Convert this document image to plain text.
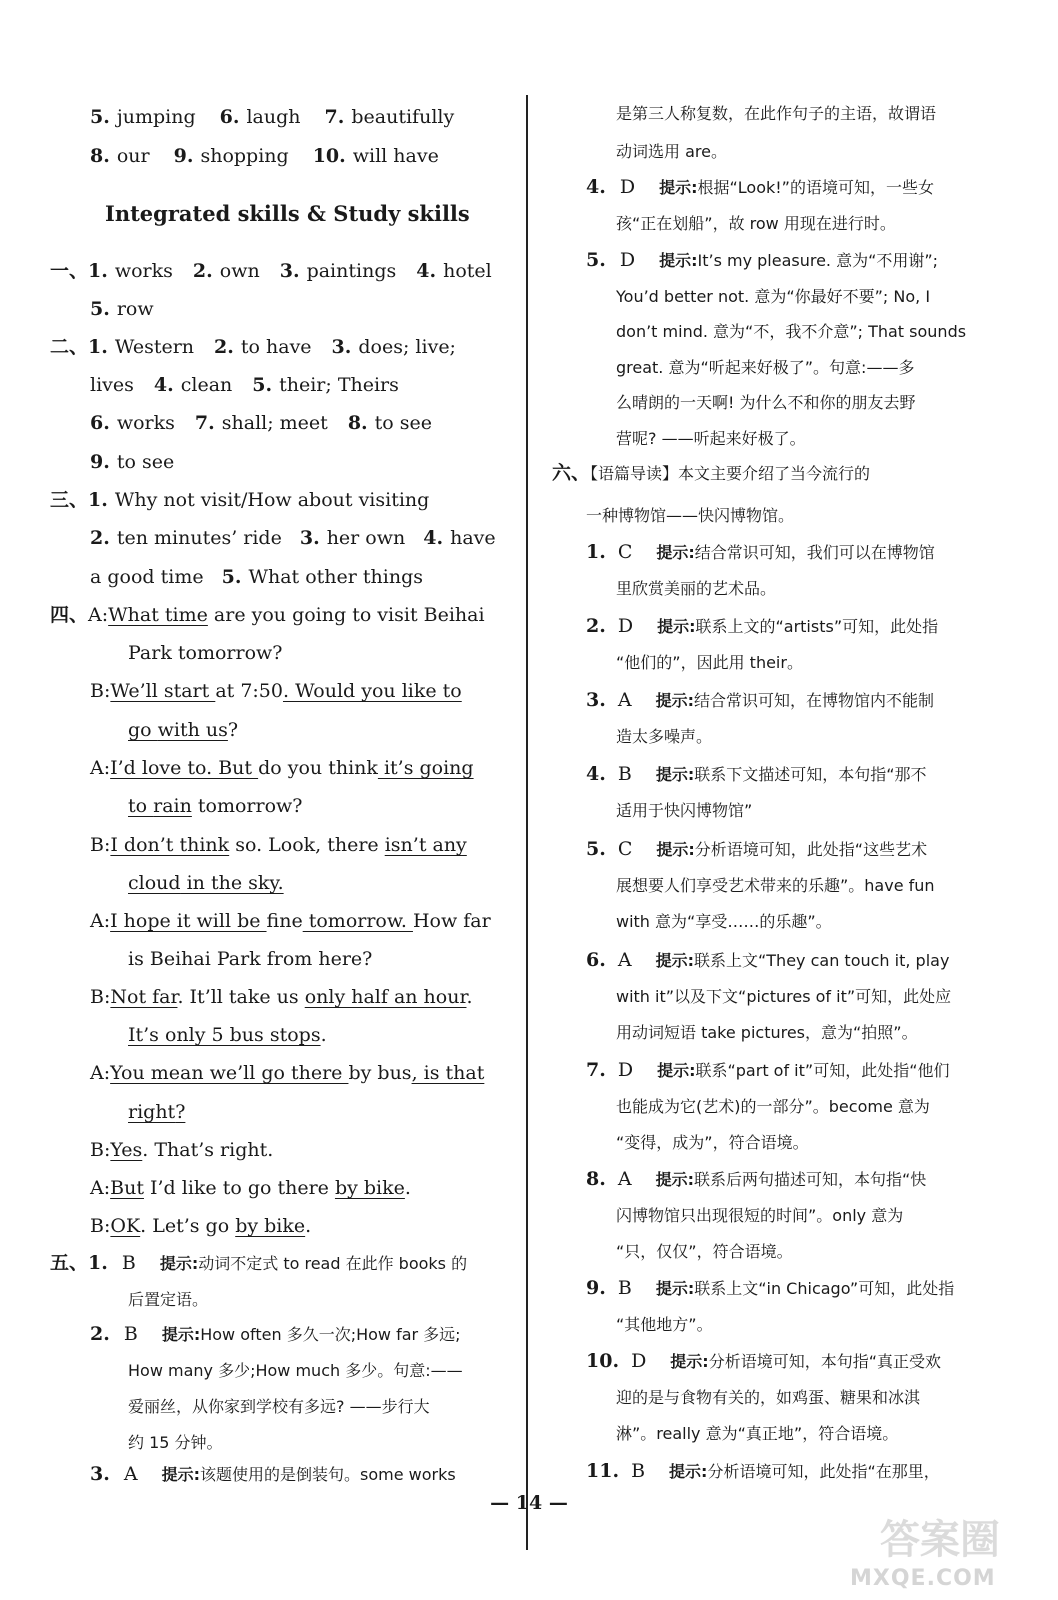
5. jumping 6. laugh 7. beautifully
8. our 9. shopping 10. will have
Integrated skills & Study skills
一、1. works 2. own 3. paintings 4. hotel
5. row
二、1. Western 2. to have 3. does; live;
lives 4. clean 5. their; Theirs
6. works 7. shall; meet 8. to see
9. to see
三、1. Why not visit/How about visiting
2. ten minutes’ ride 3. her own 4. have
a good time 5. What other things
四、A:What time are you going to visit Beihai
Park tomorrow?
B:We’ll start at 7:50. Would you like to
go with us?
A:I’d love to. But do you think it’s going
to rain tomorrow?
B:I don’t think so. Look, there isn’t any
cloud in the sky.
A:I hope it will be fine tomorrow. How far
is Beihai Park from here?
B:Not far. It’ll take us only half an hour.
It’s only 5 bus stops.
A:You mean we’ll go there by bus, is that
right?
B:Yes. That’s right.
A:But I’d like to go there by bike.
B:OK. Let’s go by bike.
五、1. B 提示:动词不定式 to read 在此作 books 的
后置定语。
2. B 提示:How often 多久一次;How far 多远;
How many 多少;How much 多少。句意:——
爱丽丝，从你家到学校有多远? ——步行大
约 15 分钟。
3. A 提示:该题使用的是倒装句。some works
是第三人称复数，在此作句子的主语，故谓语
动词选用 are。
4. D 提示:根据“Look!”的语境可知，一些女
孩“正在划船”，故 row 用现在进行时。
5. D 提示:It’s my pleasure. 意为“不用谢”;
You’d better not. 意为“你最好不要”; No, I
don’t mind. 意为“不，我不介意”; That sounds
great. 意为“听起来好极了”。句意:——多
么晴朗的一天啊! 为什么不和你的朋友去野
营呢? ——听起来好极了。
六、【语篇导读】本文主要介绍了当今流行的
一种博物馆——快闪博物馆。
1. C 提示:结合常识可知，我们可以在博物馆
里欣赏美丽的艺术品。
2. D 提示:联系上文的“artists”可知，此处指
“他们的”，因此用 their。
3. A 提示:结合常识可知，在博物馆内不能制
造太多噪声。
4. B 提示:联系下文描述可知，本句指“那不
适用于快闪博物馆”
5. C 提示:分析语境可知，此处指“这些艺术
展想要人们享受艺术带来的乐趣”。have fun
with 意为“享受……的乐趣”。
6. A 提示:联系上文“They can touch it, play
with it”以及下文“pictures of it”可知，此处应
用动词短语 take pictures，意为“拍照”。
7. D 提示:联系“part of it”可知，此处指“他们
也能成为它(艺术)的一部分”。become 意为
“变得，成为”，符合语境。
8. A 提示:联系后两句描述可知，本句指“快
闪博物馆只出现很短的时间”。only 意为
“只，仅仅”，符合语境。
9. B 提示:联系上文“in Chicago”可知，此处指
“其他地方”。
10. D 提示:分析语境可知，本句指“真正受欢
迎的是与食物有关的，如鸡蛋、糖果和冰淇
淋”。really 意为“真正地”，符合语境。
11. B 提示:分析语境可知，此处指“在那里，
— 14 —
答案圈
MXQE.COM
